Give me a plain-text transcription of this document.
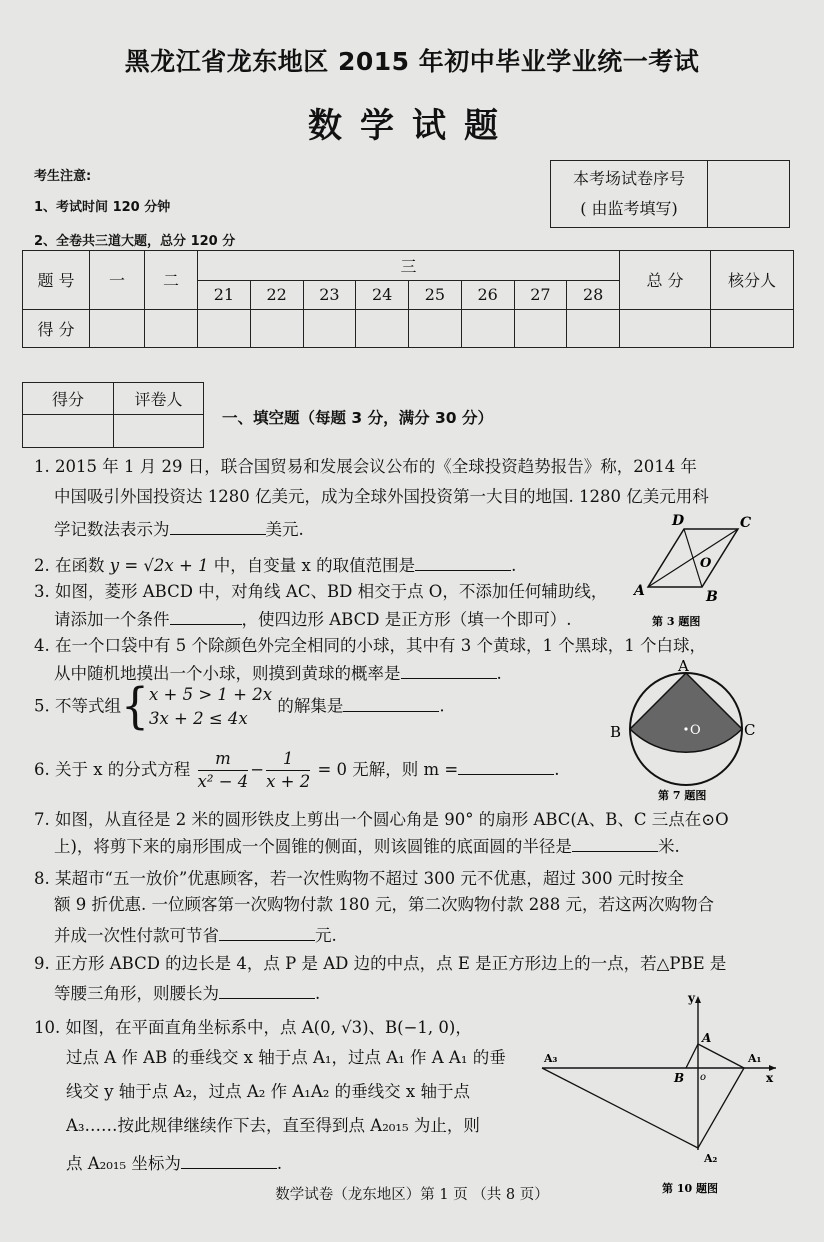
黑龙江省龙东地区 2015 年初中毕业学业统一考试
数学试题
考生注意:
1、考试时间 120 分钟
2、全卷共三道大题，总分 120 分
本考场试卷序号
( 由监考填写)

题 号	一	二	三								总 分	核分人
			21	22	23	24	25	26	27	28		
得 分												
得分	评卷人

一、填空题（每题 3 分，满分 30 分）
1. 2015 年 1 月 29 日，联合国贸易和发展会议公布的《全球投资趋势报告》称，2014 年
中国吸引外国投资达 1280 亿美元，成为全球外国投资第一大目的地国. 1280 亿美元用科
学记数法表示为	美元.
2. 在函数 y = √2x + 1 中，自变量 x 的取值范围是	.
3. 如图，菱形 ABCD 中，对角线 AC、BD 相交于点 O，不添加任何辅助线，
请添加一个条件	，使四边形 ABCD 是正方形（填一个即可）.
4. 在一个口袋中有 5 个除颜色外完全相同的小球，其中有 3 个黄球，1 个黑球，1 个白球，
从中随机地摸出一个小球，则摸到黄球的概率是	.
5. 不等式组{ x + 5 > 1 + 2x
3x + 2 ≤ 4x
的解集是	.
6. 关于 x 的分式方程 $\frac{m}{\text{x² − 4}} - \frac{1}{x + 2} = 0$ 无解，则 m =	.
7. 如图，从直径是 2 米的圆形铁皮上剪出一个圆心角是 90° 的扇形 ABC(A、B、C 三点在⊙O
上)，将剪下来的扇形围成一个圆锥的侧面，则该圆锥的底面圆的半径是	米.
8. 某超市“五一放价”优惠顾客，若一次性购物不超过 300 元不优惠，超过 300 元时按全
额 9 折优惠. 一位顾客第一次购物付款 180 元，第二次购物付款 288 元，若这两次购物合
并成一次性付款可节省	元.
9. 正方形 ABCD 的边长是 4，点 P 是 AD 边的中点，点 E 是正方形边上的一点，若△PBE 是
等腰三角形，则腰长为	.
10. 如图，在平面直角坐标系中，点 A(0, √3)、B(−1, 0)，
过点 A 作 AB 的垂线交 x 轴于点 A₁，过点 A₁ 作 A A₁ 的垂
线交 y 轴于点 A₂，过点 A₂ 作 A₁A₂ 的垂线交 x 轴于点
A₃……按此规律继续作下去，直至得到点 A₂₀₁₅ 为止，则
点 A₂₀₁₅ 坐标为	.
D	C
A	B
O
第 3 题图
A
B	C
O
第 7 题图
y
A
A₃	A₁
B o	x
A₂
第 10 题图
数学试卷（龙东地区）第 1 页 （共 8 页）
